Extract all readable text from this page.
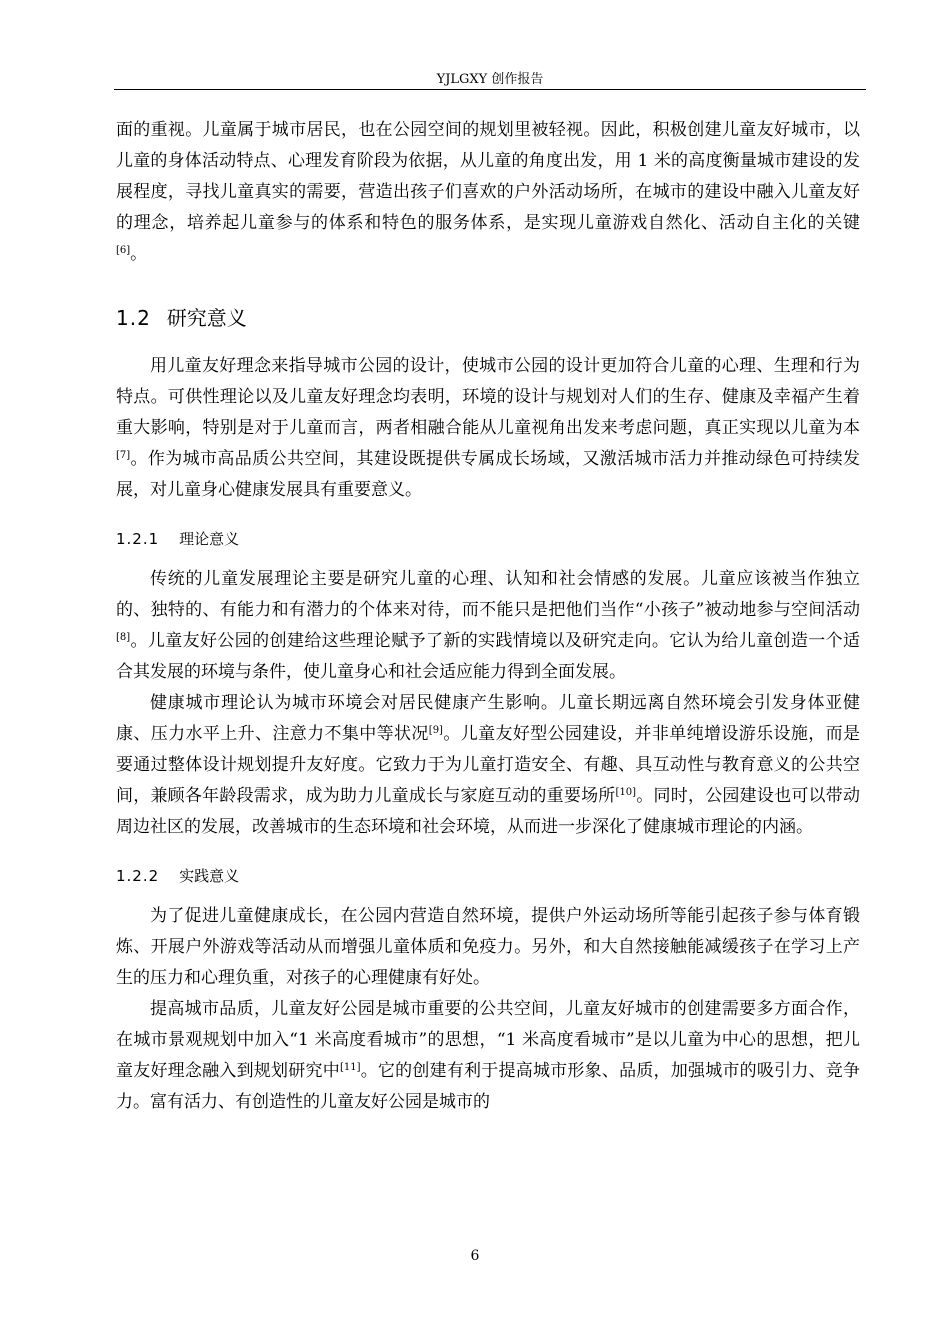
YJLGXY 创作报告

面的重视。儿童属于城市居民，也在公园空间的规划里被轻视。因此，积极创建儿童友好城市，以儿童的身体活动特点、心理发育阶段为依据，从儿童的角度出发，用 1 米的高度衡量城市建设的发展程度，寻找儿童真实的需要，营造出孩子们喜欢的户外活动场所，在城市的建设中融入儿童友好的理念，培养起儿童参与的体系和特色的服务体系，是实现儿童游戏自然化、活动自主化的关键[6]。

1.2 研究意义

用儿童友好理念来指导城市公园的设计，使城市公园的设计更加符合儿童的心理、生理和行为特点。可供性理论以及儿童友好理念均表明，环境的设计与规划对人们的生存、健康及幸福产生着重大影响，特别是对于儿童而言，两者相融合能从儿童视角出发来考虑问题，真正实现以儿童为本[7]。作为城市高品质公共空间，其建设既提供专属成长场域，又激活城市活力并推动绿色可持续发展，对儿童身心健康发展具有重要意义。

1.2.1 理论意义

传统的儿童发展理论主要是研究儿童的心理、认知和社会情感的发展。儿童应该被当作独立的、独特的、有能力和有潜力的个体来对待，而不能只是把他们当作“小孩子”被动地参与空间活动[8]。儿童友好公园的创建给这些理论赋予了新的实践情境以及研究走向。它认为给儿童创造一个适合其发展的环境与条件，使儿童身心和社会适应能力得到全面发展。

健康城市理论认为城市环境会对居民健康产生影响。儿童长期远离自然环境会引发身体亚健康、压力水平上升、注意力不集中等状况[9]。儿童友好型公园建设，并非单纯增设游乐设施，而是要通过整体设计规划提升友好度。它致力于为儿童打造安全、有趣、具互动性与教育意义的公共空间，兼顾各年龄段需求，成为助力儿童成长与家庭互动的重要场所[10]。同时，公园建设也可以带动周边社区的发展，改善城市的生态环境和社会环境，从而进一步深化了健康城市理论的内涵。

1.2.2 实践意义

为了促进儿童健康成长，在公园内营造自然环境，提供户外运动场所等能引起孩子参与体育锻炼、开展户外游戏等活动从而增强儿童体质和免疫力。另外，和大自然接触能减缓孩子在学习上产生的压力和心理负重，对孩子的心理健康有好处。

提高城市品质，儿童友好公园是城市重要的公共空间，儿童友好城市的创建需要多方面合作，在城市景观规划中加入“1 米高度看城市”的思想，“1 米高度看城市”是以儿童为中心的思想，把儿童友好理念融入到规划研究中[11]。它的创建有利于提高城市形象、品质，加强城市的吸引力、竞争力。富有活力、有创造性的儿童友好公园是城市的

6
